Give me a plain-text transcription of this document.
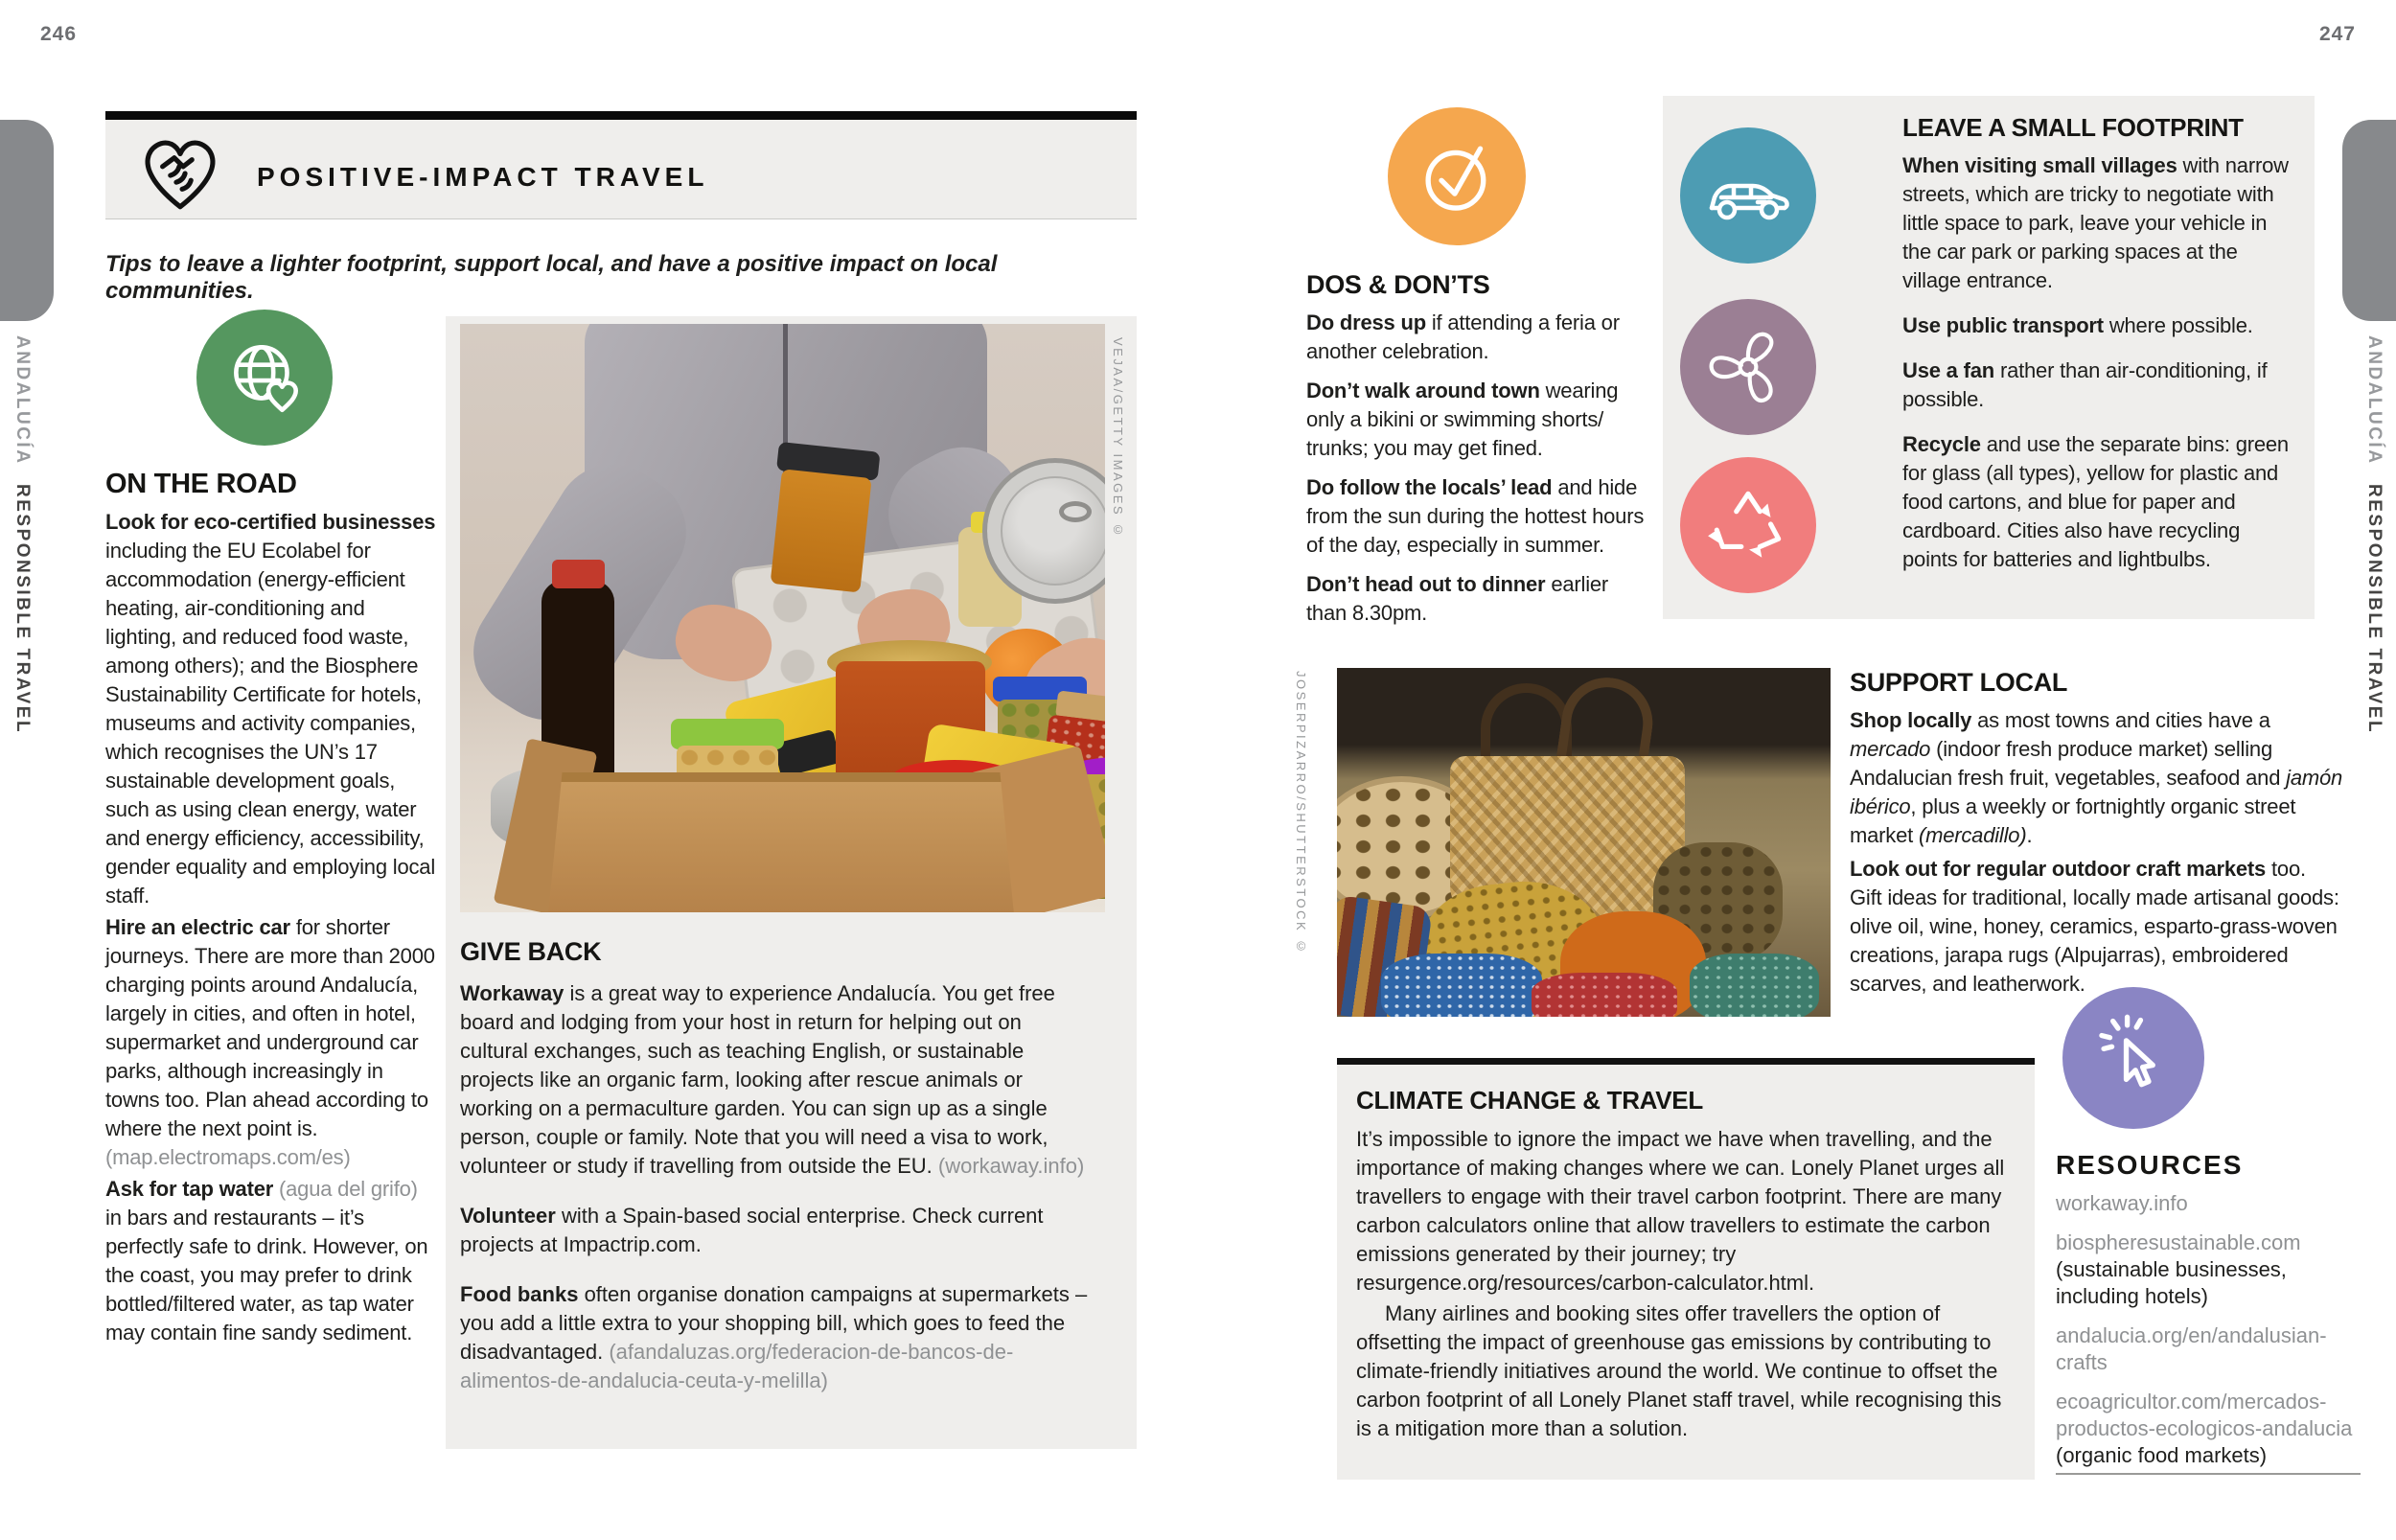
246	247
ANDALUCÍA
RESPONSIBLE TRAVEL
ANDALUCÍA
RESPONSIBLE TRAVEL
POSITIVE-IMPACT TRAVEL
Tips to leave a lighter footprint, support local, and have a positive impact on local communities.
ON THE ROAD

Look for eco-certified businesses including the EU Ecolabel for accommodation (energy-efficient heating, air-conditioning and lighting, and reduced food waste, among others); and the Biosphere Sustainability Certificate for hotels, museums and activity companies, which recognises the UN’s 17 sustainable development goals, such as using clean energy, water and energy efficiency, accessibility, gender equality and employing local staff.

Hire an electric car for shorter journeys. There are more than 2000 charging points around Andalucía, largely in cities, and often in hotel, supermarket and underground car parks, although increasingly in towns too. Plan ahead according to where the next point is. (map.electromaps.com/es)

Ask for tap water (agua del grifo) in bars and restaurants – it’s perfectly safe to drink. However, on the coast, you may prefer to drink bottled/filtered water, as tap water may contain fine sandy sediment.

VEJAA/GETTY IMAGES ©
GIVE BACK

Workaway is a great way to experience Andalucía. You get free board and lodging from your host in return for helping out on cultural exchanges, such as teaching English, or sustainable projects like an organic farm, looking after rescue animals or working on a permaculture garden. You can sign up as a single person, couple or family. Note that you will need a visa to work, volunteer or study if travelling from outside the EU. (workaway.info)

Volunteer with a Spain-based social enterprise. Check current projects at Impactrip.com.

Food banks often organise donation campaigns at supermarkets – you add a little extra to your shopping bill, which goes to feed the disadvantaged. (afandaluzas.org/federacion-de-bancos-de-alimentos-de-andalucia-ceuta-y-melilla)

DOS & DON’TS

Do dress up if attending a feria or another celebration.

Don’t walk around town wearing only a bikini or swimming shorts/ trunks; you may get fined.

Do follow the locals’ lead and hide from the sun during the hottest hours of the day, especially in summer.

Don’t head out to dinner earlier than 8.30pm.

LEAVE A SMALL FOOTPRINT

When visiting small villages with narrow streets, which are tricky to negotiate with little space to park, leave your vehicle in the car park or parking spaces at the village entrance.

Use public transport where possible.

Use a fan rather than air-conditioning, if possible.

Recycle and use the separate bins: green for glass (all types), yellow for plastic and food cartons, and blue for paper and cardboard. Cities also have recycling points for batteries and lightbulbs.

JOSERPIZARRO/SHUTTERSTOCK ©	SUPPORT LOCAL

Shop locally as most towns and cities have a mercado (indoor fresh produce market) selling Andalucian fresh fruit, vegetables, seafood and jamón ibérico, plus a weekly or fortnightly organic street market (mercadillo).

Look out for regular outdoor craft markets too. Gift ideas for traditional, locally made artisanal goods: olive oil, wine, honey, ceramics, esparto-grass-woven creations, jarapa rugs (Alpujarras), embroidered scarves, and leatherwork.

CLIMATE CHANGE & TRAVEL

It’s impossible to ignore the impact we have when travelling, and the importance of making changes where we can. Lonely Planet urges all travellers to engage with their travel carbon footprint. There are many carbon calculators online that allow travellers to estimate the carbon emissions generated by their journey; try resurgence.org/resources/carbon-calculator.html.

Many airlines and booking sites offer travellers the option of offsetting the impact of greenhouse gas emissions by contributing to climate-friendly initiatives around the world. We continue to offset the carbon footprint of all Lonely Planet staff travel, while recognising this is a mitigation more than a solution.

RESOURCES

workaway.info

biospheresustainable.com (sustainable businesses, including hotels)

andalucia.org/en/andalusian-crafts

ecoagricultor.com/mercados-productos-ecologicos-andalucia (organic food markets)
